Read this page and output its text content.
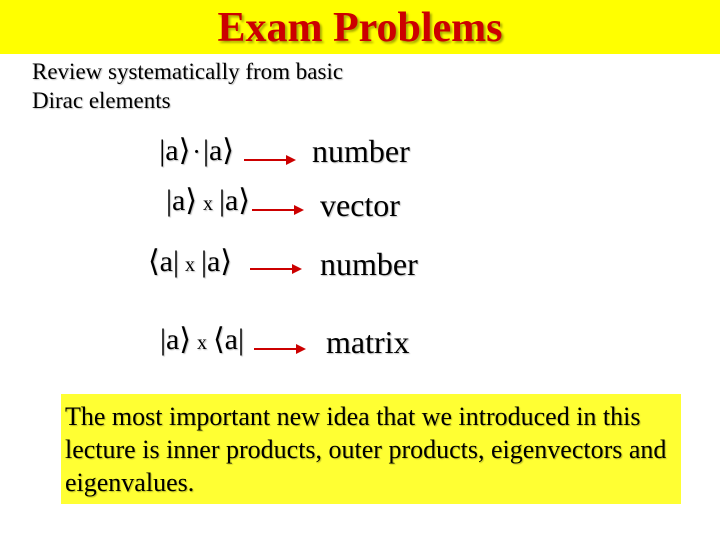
Exam Problems
Review systematically from basic
Dirac elements
|a⟩·|a⟩ number
|a⟩ x |a⟩ vector
⟨a| x |a⟩	number
|a⟩ x ⟨a|	matrix
The most important new idea that we introduced in this lecture is inner products, outer products, eigenvectors and eigenvalues.
